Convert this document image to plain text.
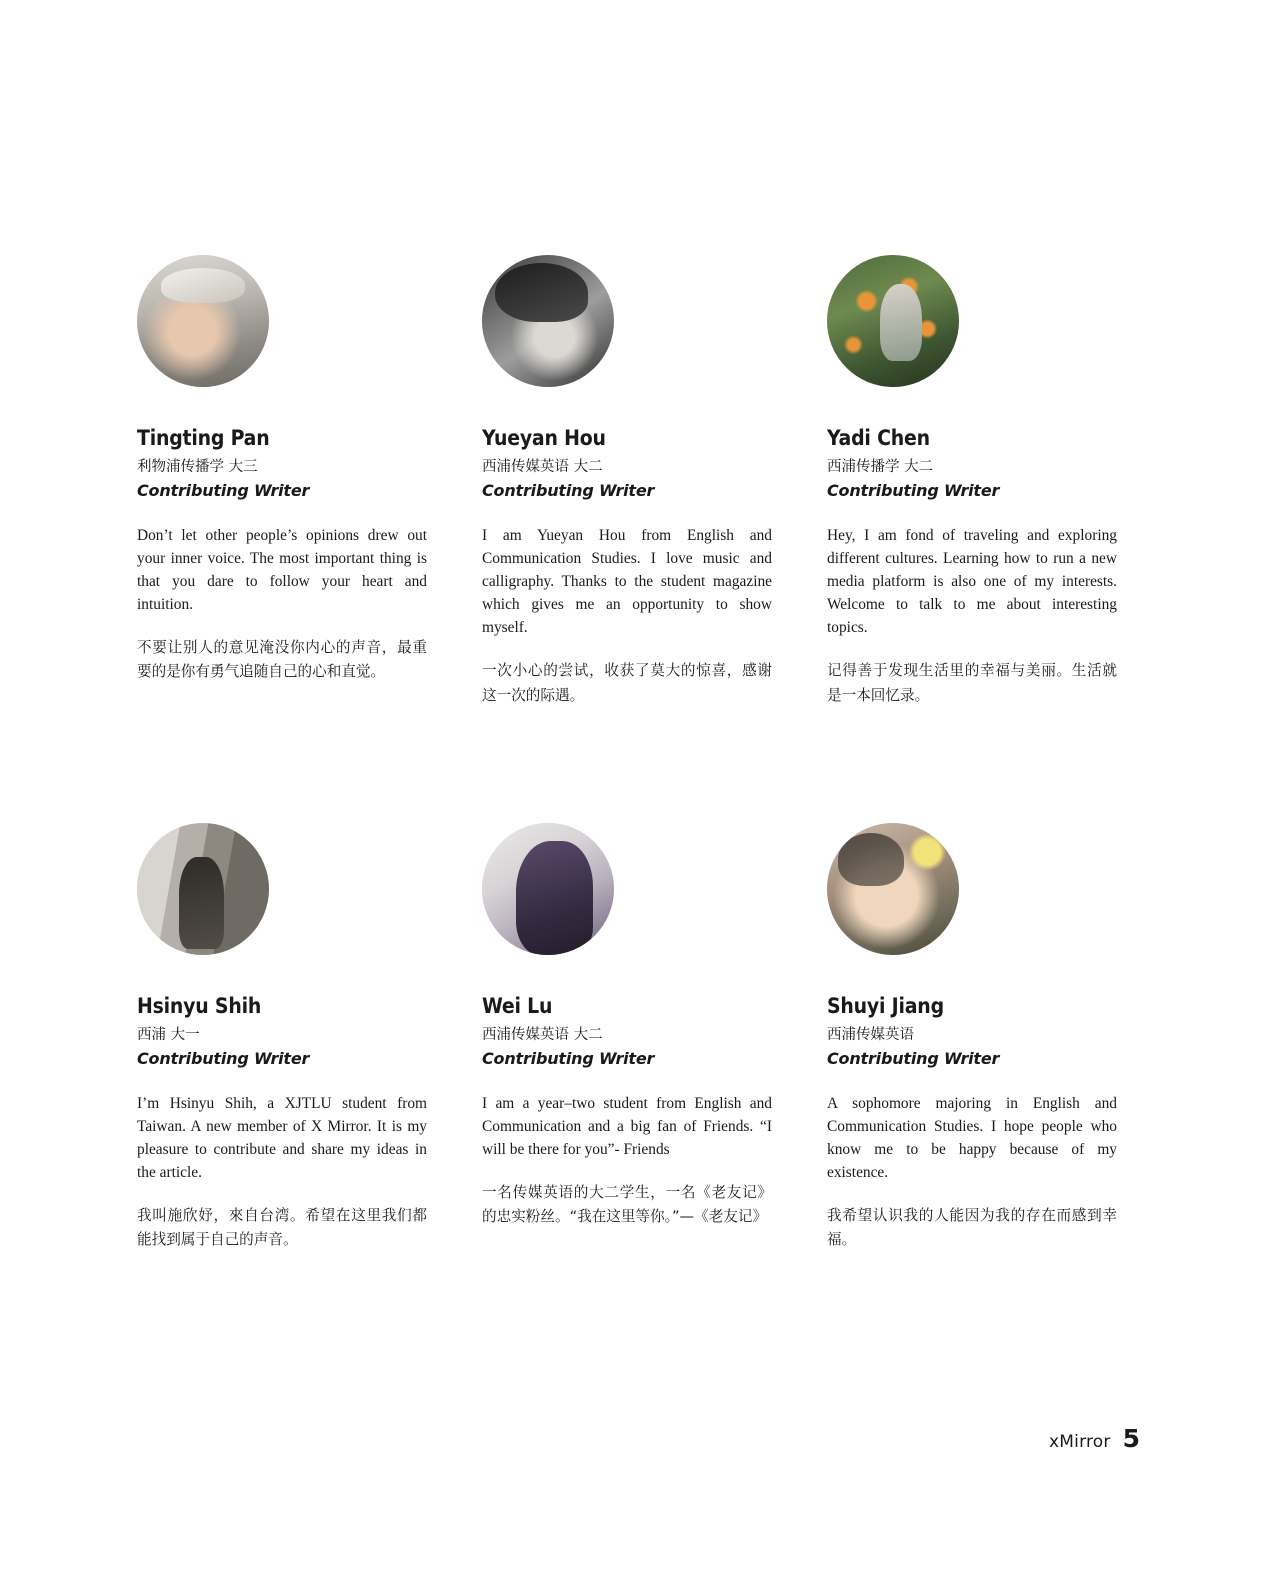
Tingting Pan
利物浦传播学 大三
Contributing Writer
Don’t let other people’s opinions drew out your inner voice. The most important thing is that you dare to follow your heart and intuition.
不要让别人的意见淹没你内心的声音，最重要的是你有勇气追随自己的心和直觉。
Yueyan Hou
西浦传媒英语 大二
Contributing Writer
I am Yueyan Hou from English and Communication Studies. I love music and calligraphy. Thanks to the student magazine which gives me an opportunity to show myself.
一次小心的尝试，收获了莫大的惊喜，感谢这一次的际遇。
Yadi Chen
西浦传播学 大二
Contributing Writer
Hey, I am fond of traveling and exploring different cultures. Learning how to run a new media platform is also one of my interests. Welcome to talk to me about interesting topics.
记得善于发现生活里的幸福与美丽。生活就是一本回忆录。
Hsinyu Shih
西浦 大一
Contributing Writer
I’m Hsinyu Shih, a XJTLU student from Taiwan. A new member of X Mirror. It is my pleasure to contribute and share my ideas in the article.
我叫施欣妤，來自台湾。希望在这里我们都能找到属于自己的声音。
Wei Lu
西浦传媒英语 大二
Contributing Writer
I am a year–two student from English and Communication and a big fan of Friends. “I will be there for you”- Friends
一名传媒英语的大二学生，一名《老友记》的忠实粉丝。“我在这里等你。”—《老友记》
Shuyi Jiang
西浦传媒英语
Contributing Writer
A sophomore majoring in English and Communication Studies. I hope people who know me to be happy because of my existence.
我希望认识我的人能因为我的存在而感到幸福。
xMirror 5
